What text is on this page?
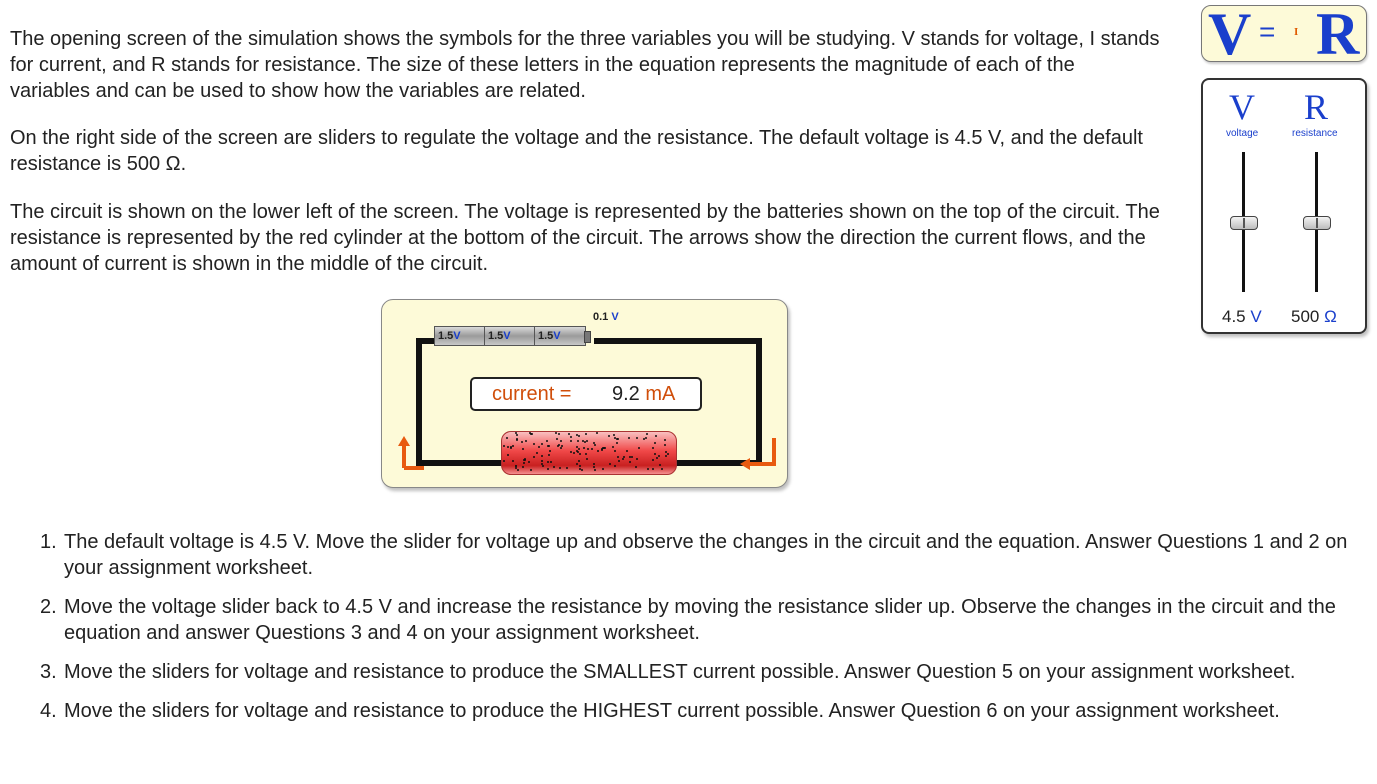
The opening screen of the simulation shows the symbols for the three variables you will be studying. V stands for voltage, I stands for current, and R stands for resistance. The size of these letters in the equation represents the magnitude of each of the variables and can be used to show how the variables are related.

On the right side of the screen are sliders to regulate the voltage and the resistance. The default voltage is 4.5 V, and the default resistance is 500 Ω.

The circuit is shown on the lower left of the screen. The voltage is represented by the batteries shown on the top of the circuit. The resistance is represented by the red cylinder at the bottom of the circuit. The arrows show the direction the current flows, and the amount of current is shown in the middle of the circuit.

1.5V	1.5V	1.5V
0.1 V
current = 9.2 mA
V = I R
V
voltage
4.5 V
R
resistance
500 Ω
1. The default voltage is 4.5 V. Move the slider for voltage up and observe the changes in the circuit and the equation. Answer Questions 1 and 2 on your assignment worksheet.
2. Move the voltage slider back to 4.5 V and increase the resistance by moving the resistance slider up. Observe the changes in the circuit and the equation and answer Questions 3 and 4 on your assignment worksheet.
3. Move the sliders for voltage and resistance to produce the SMALLEST current possible. Answer Question 5 on your assignment worksheet.
4. Move the sliders for voltage and resistance to produce the HIGHEST current possible. Answer Question 6 on your assignment worksheet.
